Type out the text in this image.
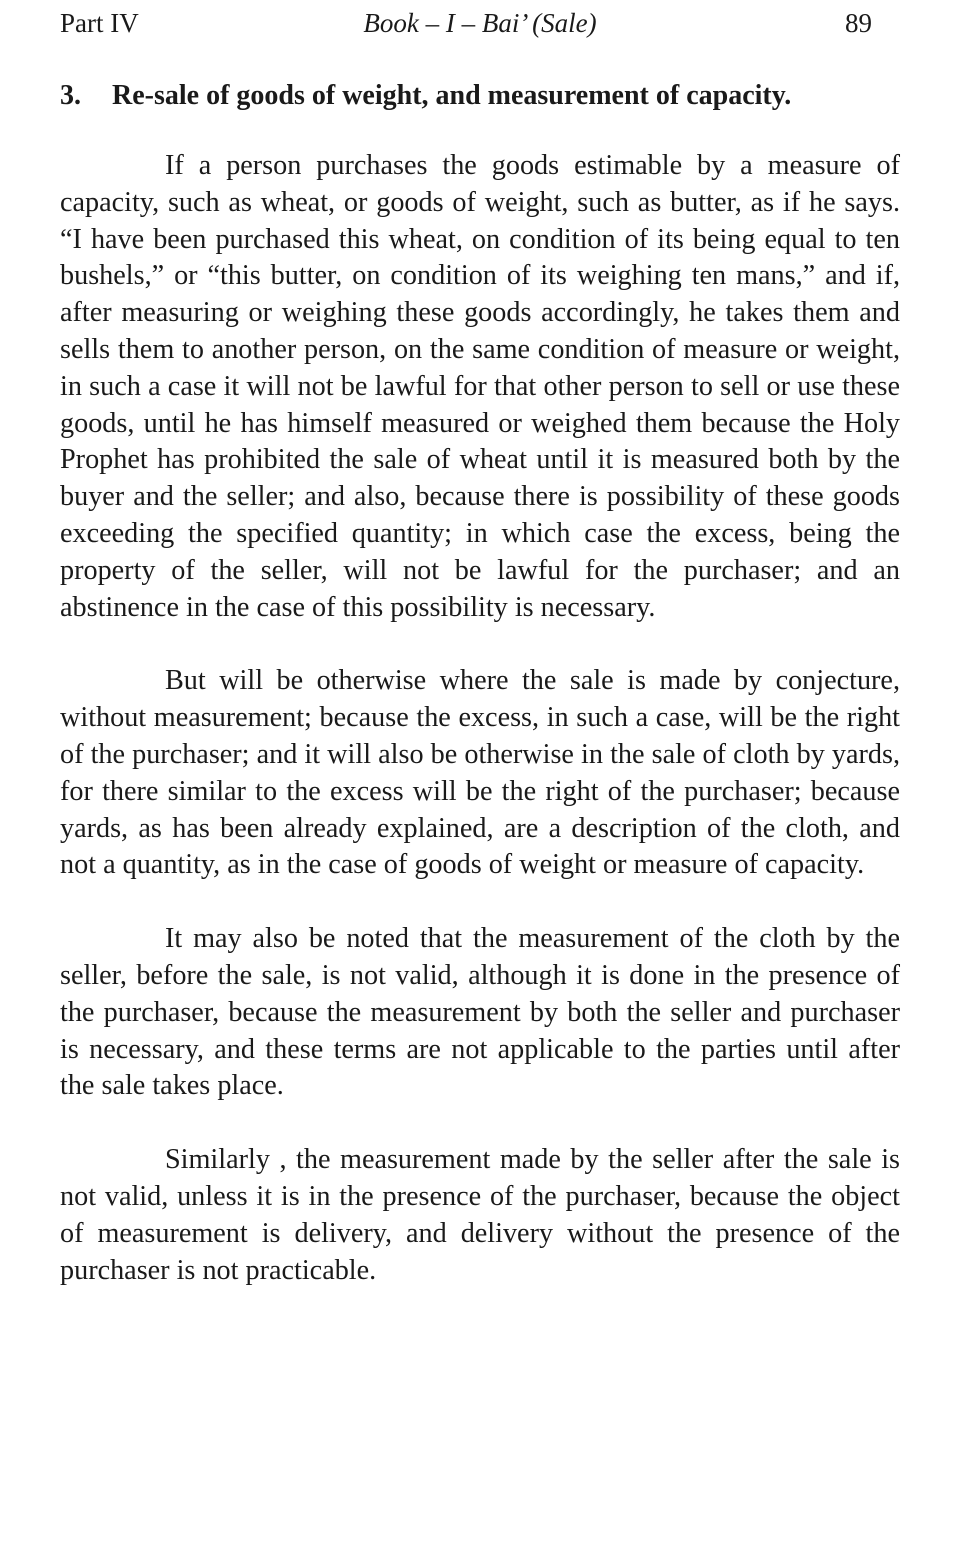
Part IV	Book – I – Bai’ (Sale)	89
3. Re-sale of goods of weight, and measurement of capacity.

If a person purchases the goods estimable by a measure of capacity, such as wheat, or goods of weight, such as butter, as if he says. “I have been purchased this wheat, on condition of its being equal to ten bushels,” or “this butter, on condition of its weighing ten mans,” and if, after measuring or weighing these goods accordingly, he takes them and sells them to another person, on the same condition of measure or weight, in such a case it will not be lawful for that other person to sell or use these goods, until he has himself measured or weighed them because the Holy Prophet has prohibited the sale of wheat until it is measured both by the buyer and the seller; and also, because there is possibility of these goods exceeding the specified quantity; in which case the excess, being the property of the seller, will not be lawful for the purchaser; and an abstinence in the case of this possibility is necessary.

But will be otherwise where the sale is made by conjecture, without measurement; because the excess, in such a case, will be the right of the purchaser; and it will also be otherwise in the sale of cloth by yards, for there similar to the excess will be the right of the purchaser; because yards, as has been already explained, are a description of the cloth, and not a quantity, as in the case of goods of weight or measure of capacity.

It may also be noted that the measurement of the cloth by the seller, before the sale, is not valid, although it is done in the presence of the purchaser, because the measurement by both the seller and purchaser is necessary, and these terms are not applicable to the parties until after the sale takes place.

Similarly , the measurement made by the seller after the sale is not valid, unless it is in the presence of the purchaser, because the object of measurement is delivery, and delivery without the presence of the purchaser is not practicable.
